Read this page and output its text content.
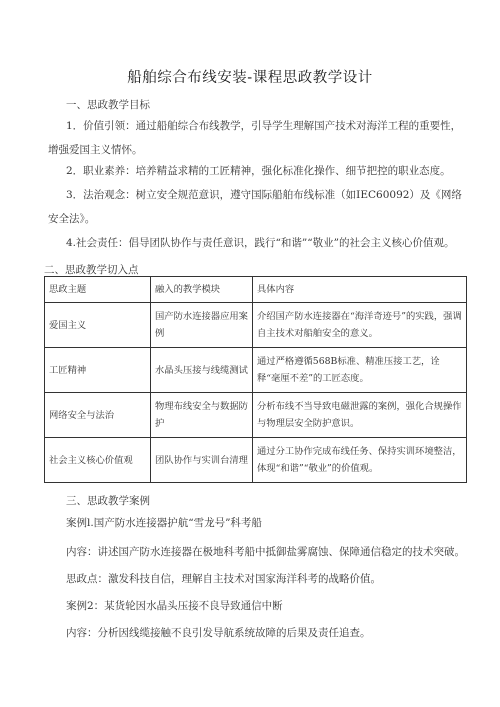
船舶综合布线安装-课程思政教学设计
一、思政教学目标

1．价值引领：通过船舶综合布线教学，引导学生理解国产技术对海洋工程的重要性，增强爱国主义情怀。

2．职业素养：培养精益求精的工匠精神，强化标准化操作、细节把控的职业态度。

3．法治观念：树立安全规范意识，遵守国际船舶布线标准（如IEC60092）及《网络安全法》。

4.社会责任：倡导团队协作与责任意识，践行“和谐”“敬业”的社会主义核心价值观。

二、思政教学切入点
思政主题	融入的教学模块	具体内容
爱国主义	国产防水连接器应用案例	介绍国产防水连接器在“海洋奇迹号”的实践，强调自主技术对船舶安全的意义。
工匠精神	水晶头压接与线缆测试	通过严格遵循568B标准、精准压接工艺，诠释“毫厘不差”的工匠态度。
网络安全与法治	物理布线安全与数据防护	分析布线不当导致电磁泄露的案例，强化合规操作与物理层安全防护意识。
社会主义核心价值观	团队协作与实训台清理	通过分工协作完成布线任务、保持实训环境整洁，体现“和谐”“敬业”的价值观。
三、思政教学案例

案例l.国产防水连接器护航“雪龙号”科考船

内容：讲述国产防水连接器在极地科考船中抵御盐雾腐蚀、保障通信稳定的技术突破。

思政点：激发科技自信，理解自主技术对国家海洋科考的战略价值。

案例2：某货轮因水晶头压接不良导致通信中断

内容：分析因线缆接触不良引发导航系统故障的后果及责任追查。
